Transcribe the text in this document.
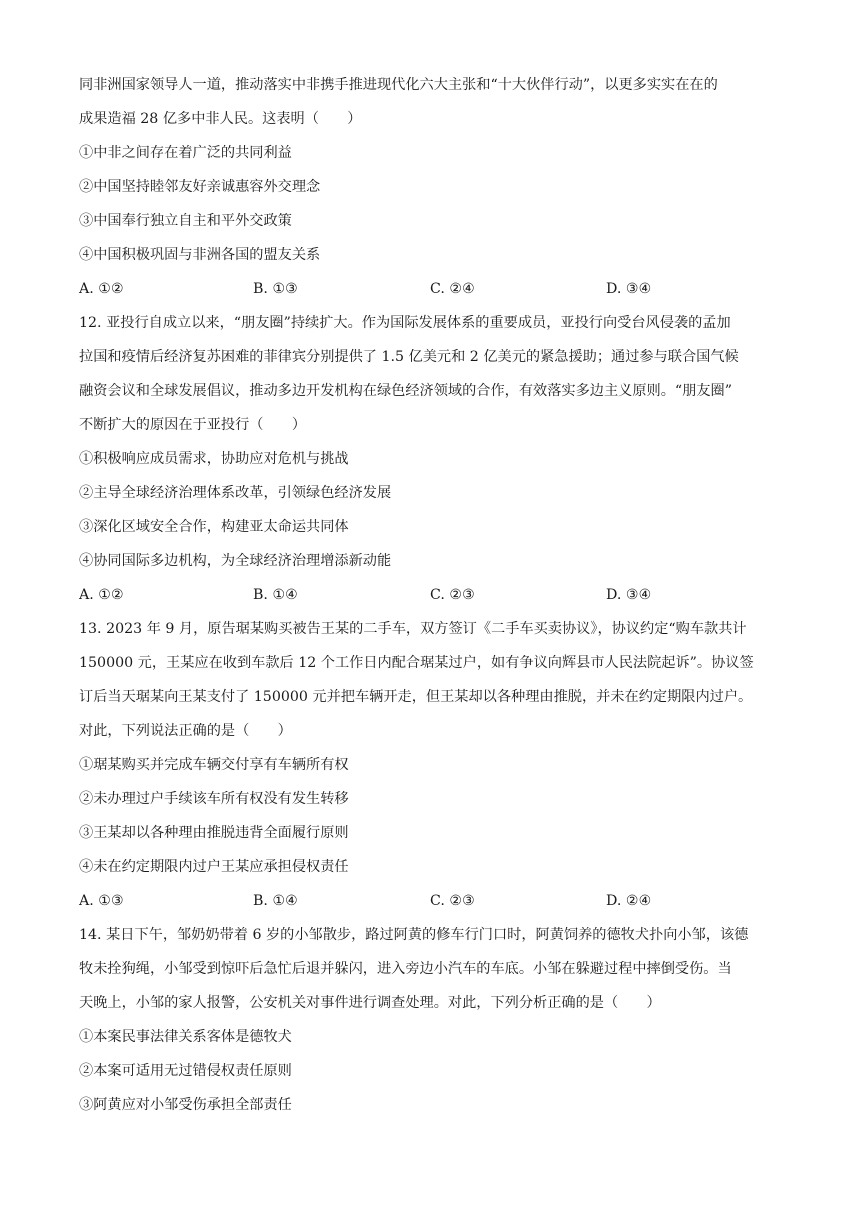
同非洲国家领导人一道，推动落实中非携手推进现代化六大主张和“十大伙伴行动”，以更多实实在在的
成果造福 28 亿多中非人民。这表明（　　）
①中非之间存在着广泛的共同利益
②中国坚持睦邻友好亲诚惠容外交理念
③中国奉行独立自主和平外交政策
④中国积极巩固与非洲各国的盟友关系
A. ①②	B. ①③	C. ②④	D. ③④
12. 亚投行自成立以来，“朋友圈”持续扩大。作为国际发展体系的重要成员，亚投行向受台风侵袭的孟加
拉国和疫情后经济复苏困难的菲律宾分别提供了 1.5 亿美元和 2 亿美元的紧急援助；通过参与联合国气候
融资会议和全球发展倡议，推动多边开发机构在绿色经济领域的合作，有效落实多边主义原则。“朋友圈”
不断扩大的原因在于亚投行（　　）
①积极响应成员需求，协助应对危机与挑战
②主导全球经济治理体系改革，引领绿色经济发展
③深化区域安全合作，构建亚太命运共同体
④协同国际多边机构，为全球经济治理增添新动能
A. ①②	B. ①④	C. ②③	D. ③④
13. 2023 年 9 月，原告琚某购买被告王某的二手车，双方签订《二手车买卖协议》，协议约定“购车款共计
150000 元，王某应在收到车款后 12 个工作日内配合琚某过户，如有争议向辉县市人民法院起诉”。协议签
订后当天琚某向王某支付了 150000 元并把车辆开走，但王某却以各种理由推脱，并未在约定期限内过户。
对此，下列说法正确的是（　　）
①琚某购买并完成车辆交付享有车辆所有权
②未办理过户手续该车所有权没有发生转移
③王某却以各种理由推脱违背全面履行原则
④未在约定期限内过户王某应承担侵权责任
A. ①③	B. ①④	C. ②③	D. ②④
14. 某日下午，邹奶奶带着 6 岁的小邹散步，路过阿黄的修车行门口时，阿黄饲养的德牧犬扑向小邹，该德
牧未拴狗绳，小邹受到惊吓后急忙后退并躲闪，进入旁边小汽车的车底。小邹在躲避过程中摔倒受伤。当
天晚上，小邹的家人报警，公安机关对事件进行调查处理。对此，下列分析正确的是（　　）
①本案民事法律关系客体是德牧犬
②本案可适用无过错侵权责任原则
③阿黄应对小邹受伤承担全部责任
